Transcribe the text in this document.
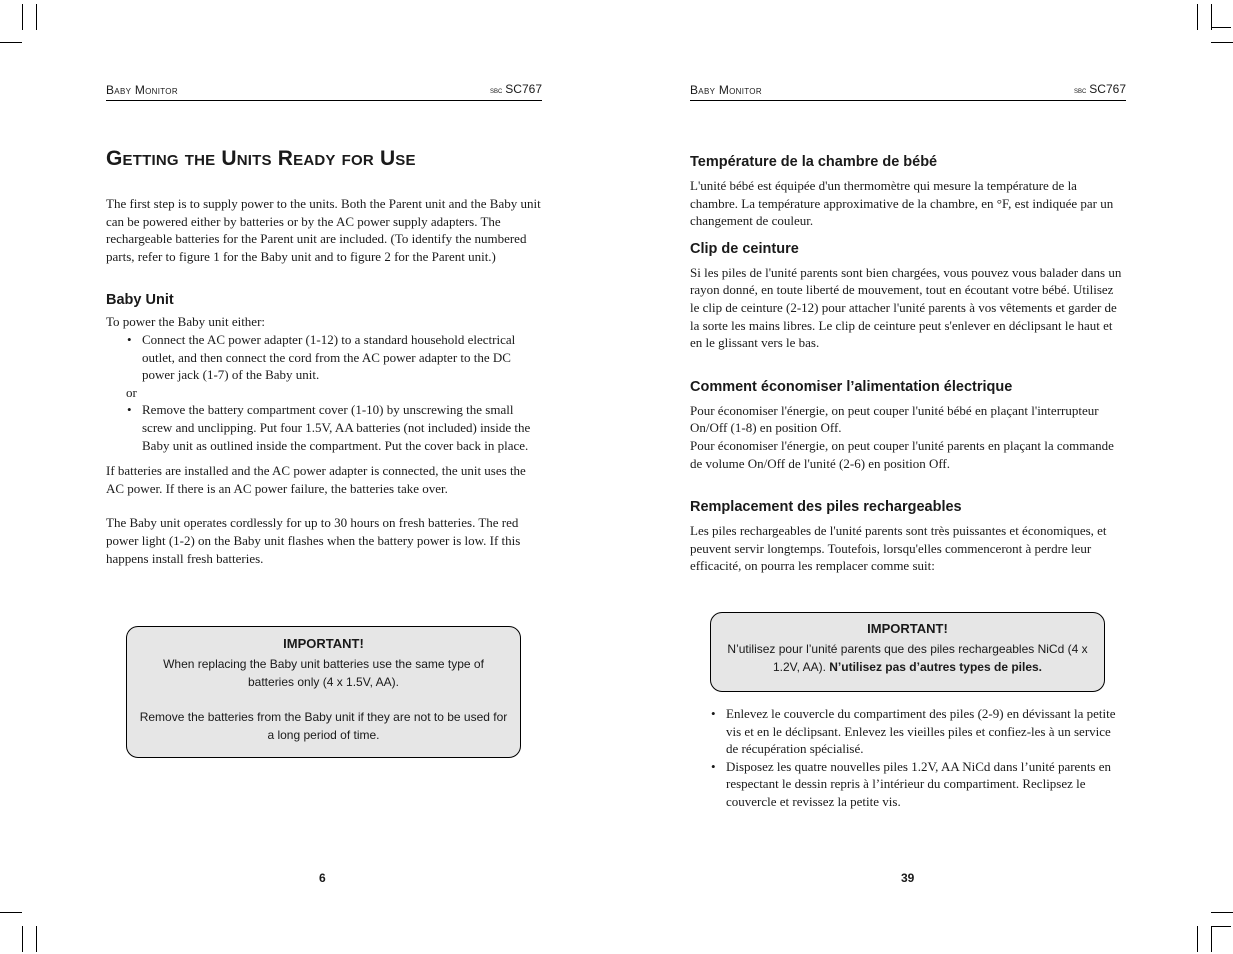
Baby Monitor	sbc SC767
Getting the Units Ready for Use

The first step is to supply power to the units. Both the Parent unit and the Baby unit can be powered either by batteries or by the AC power supply adapters. The rechargeable batteries for the Parent unit are included. (To identify the numbered parts, refer to figure 1 for the Baby unit and to figure 2 for the Parent unit.)

Baby Unit

To power the Baby unit either:

• Connect the AC power adapter (1-12) to a standard household electrical outlet, and then connect the cord from the AC power adapter to the DC power jack (1-7) of the Baby unit.
or
• Remove the battery compartment cover (1-10) by unscrewing the small screw and unclipping. Put four 1.5V, AA batteries (not included) inside the Baby unit as outlined inside the compartment. Put the cover back in place.

If batteries are installed and the AC power adapter is connected, the unit uses the AC power. If there is an AC power failure, the batteries take over.

The Baby unit operates cordlessly for up to 30 hours on fresh batteries. The red power light (1-2) on the Baby unit flashes when the battery power is low. If this happens install fresh batteries.

IMPORTANT!
When replacing the Baby unit batteries use the same type of batteries only (4 x 1.5V, AA).
Remove the batteries from the Baby unit if they are not to be used for a long period of time.
6
Baby Monitor	sbc SC767
Température de la chambre de bébé

L'unité bébé est équipée d'un thermomètre qui mesure la température de la chambre. La température approximative de la chambre, en °F, est indiquée par un changement de couleur.

Clip de ceinture

Si les piles de l'unité parents sont bien chargées, vous pouvez vous balader dans un rayon donné, en toute liberté de mouvement, tout en écoutant votre bébé. Utilisez le clip de ceinture (2-12) pour attacher l'unité parents à vos vêtements et garder de la sorte les mains libres. Le clip de ceinture peut s'enlever en déclipsant le haut et en le glissant vers le bas.

Comment économiser l’alimentation électrique

Pour économiser l'énergie, on peut couper l'unité bébé en plaçant l'interrupteur On/Off (1-8) en position Off.

Pour économiser l'énergie, on peut couper l'unité parents en plaçant la commande de volume On/Off de l'unité (2-6) en position Off.

Remplacement des piles rechargeables

Les piles rechargeables de l'unité parents sont très puissantes et économiques, et peuvent servir longtemps. Toutefois, lorsqu'elles commenceront à perdre leur efficacité, on pourra les remplacer comme suit:

IMPORTANT!
N’utilisez pour l’unité parents que des piles rechargeables NiCd (4 x 1.2V, AA). N’utilisez pas d’autres types de piles.
• Enlevez le couvercle du compartiment des piles (2-9) en dévissant la petite vis et en le déclipsant. Enlevez les vieilles piles et confiez-les à un service de récupération spécialisé.
• Disposez les quatre nouvelles piles 1.2V, AA NiCd dans l’unité parents en respectant le dessin repris à l’intérieur du compartiment. Reclipsez le couvercle et revissez la petite vis.
39
